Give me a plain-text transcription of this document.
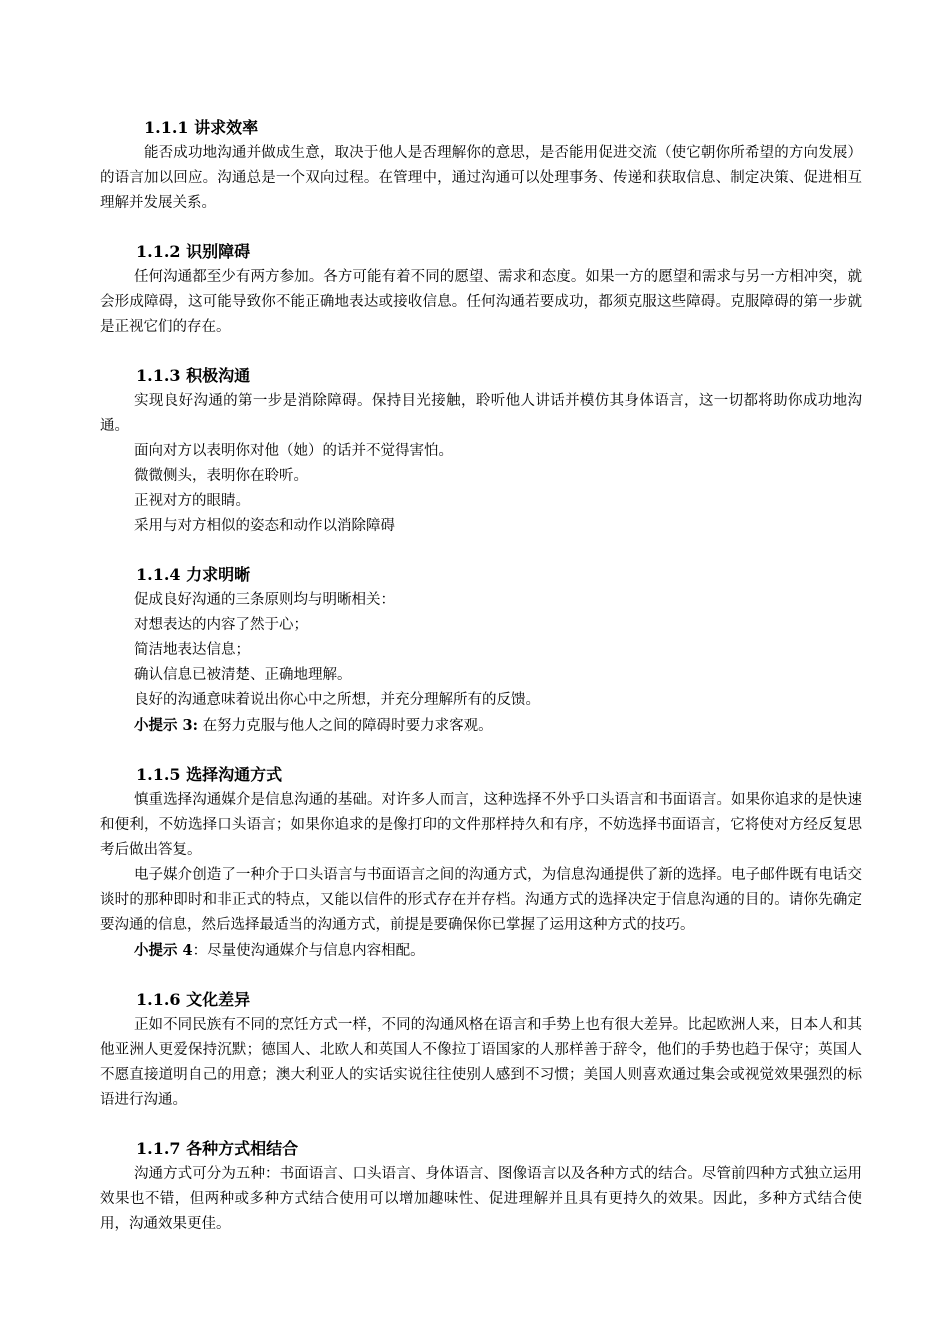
1.1.1 讲求效率

能否成功地沟通并做成生意，取决于他人是否理解你的意思，是否能用促进交流（使它朝你所希望的方向发展）的语言加以回应。沟通总是一个双向过程。在管理中，通过沟通可以处理事务、传递和获取信息、制定决策、促进相互理解并发展关系。

1.1.2 识别障碍

任何沟通都至少有两方参加。各方可能有着不同的愿望、需求和态度。如果一方的愿望和需求与另一方相冲突，就会形成障碍，这可能导致你不能正确地表达或接收信息。任何沟通若要成功，都须克服这些障碍。克服障碍的第一步就是正视它们的存在。

1.1.3 积极沟通

实现良好沟通的第一步是消除障碍。保持目光接触，聆听他人讲话并模仿其身体语言，这一切都将助你成功地沟通。

面向对方以表明你对他（她）的话并不觉得害怕。

微微侧头，表明你在聆听。

正视对方的眼睛。

采用与对方相似的姿态和动作以消除障碍

1.1.4 力求明晰

促成良好沟通的三条原则均与明晰相关：

对想表达的内容了然于心；

简洁地表达信息；

确认信息已被清楚、正确地理解。

良好的沟通意味着说出你心中之所想，并充分理解所有的反馈。

小提示 3: 在努力克服与他人之间的障碍时要力求客观。

1.1.5 选择沟通方式

慎重选择沟通媒介是信息沟通的基础。对许多人而言，这种选择不外乎口头语言和书面语言。如果你追求的是快速和便利，不妨选择口头语言；如果你追求的是像打印的文件那样持久和有序，不妨选择书面语言，它将使对方经反复思考后做出答复。

电子媒介创造了一种介于口头语言与书面语言之间的沟通方式，为信息沟通提供了新的选择。电子邮件既有电话交谈时的那种即时和非正式的特点，又能以信件的形式存在并存档。沟通方式的选择决定于信息沟通的目的。请你先确定要沟通的信息，然后选择最适当的沟通方式，前提是要确保你已掌握了运用这种方式的技巧。

小提示 4：尽量使沟通媒介与信息内容相配。

1.1.6 文化差异

正如不同民族有不同的烹饪方式一样，不同的沟通风格在语言和手势上也有很大差异。比起欧洲人来，日本人和其他亚洲人更爱保持沉默；德国人、北欧人和英国人不像拉丁语国家的人那样善于辞令，他们的手势也趋于保守；英国人不愿直接道明自己的用意；澳大利亚人的实话实说往往使别人感到不习惯；美国人则喜欢通过集会或视觉效果强烈的标语进行沟通。

1.1.7 各种方式相结合

沟通方式可分为五种：书面语言、口头语言、身体语言、图像语言以及各种方式的结合。尽管前四种方式独立运用效果也不错，但两种或多种方式结合使用可以增加趣味性、促进理解并且具有更持久的效果。因此，多种方式结合使用，沟通效果更佳。
